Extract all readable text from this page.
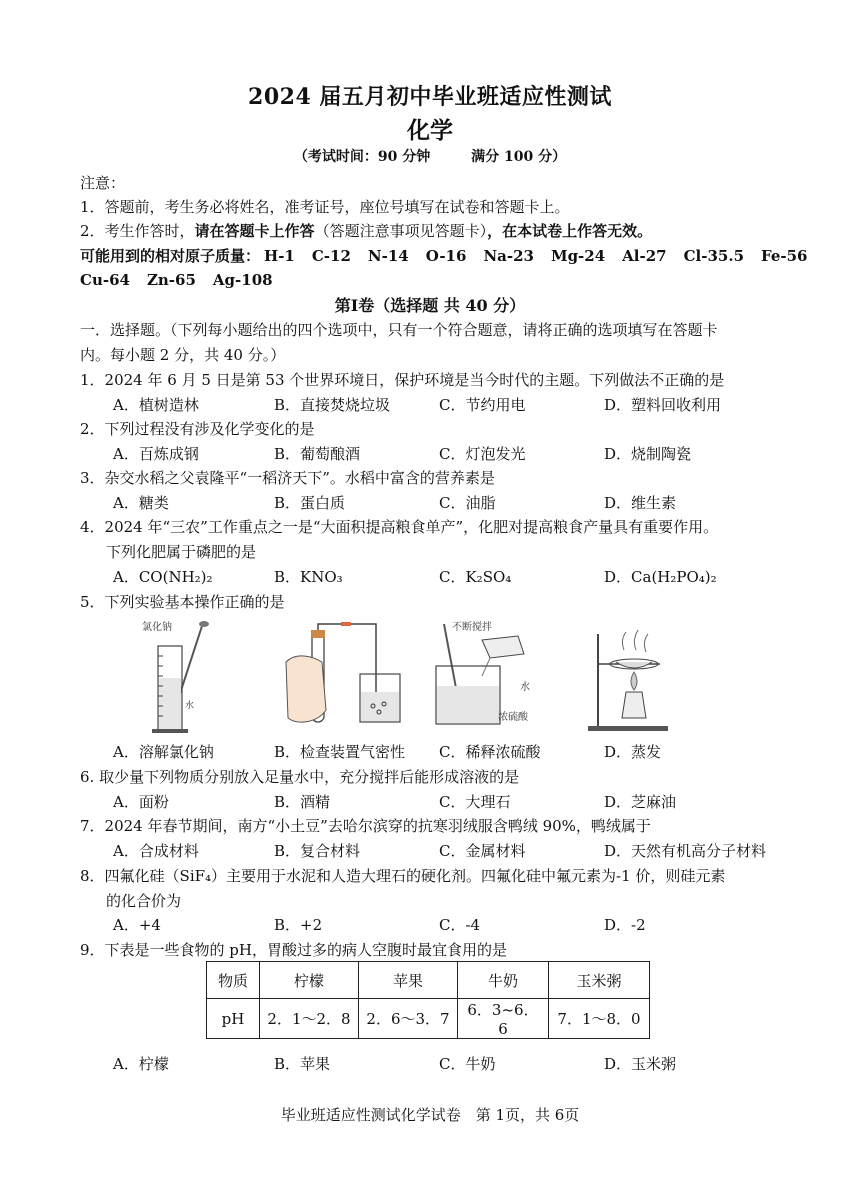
2024 届五月初中毕业班适应性测试
化学
（考试时间：90 分钟	满分 100 分）
注意：
1．答题前，考生务必将姓名，准考证号，座位号填写在试卷和答题卡上。
2．考生作答时，请在答题卡上作答（答题注意事项见答题卡），在本试卷上作答无效。
可能用到的相对原子质量： H-1 C-12 N-14 O-16 Na-23 Mg-24 Al-27 Cl-35.5 Fe-56
Cu-64 Zn-65 Ag-108
第Ⅰ卷（选择题 共 40 分）
一．选择题。（下列每小题给出的四个选项中，只有一个符合题意，请将正确的选项填写在答题卡
内。每小题 2 分，共 40 分。）
1．2024 年 6 月 5 日是第 53 个世界环境日，保护环境是当今时代的主题。下列做法不正确的是
A．植树造林	B．直接焚烧垃圾	C．节约用电	D．塑料回收利用
2．下列过程没有涉及化学变化的是
A．百炼成钢	B．葡萄酿酒	C．灯泡发光	D．烧制陶瓷
3．杂交水稻之父袁隆平“一稻济天下”。水稻中富含的营养素是
A．糖类	B．蛋白质	C．油脂	D．维生素
4．2024 年“三农”工作重点之一是“大面积提高粮食单产”，化肥对提高粮食产量具有重要作用。
下列化肥属于磷肥的是
A．CO(NH₂)₂	B．KNO₃	C．K₂SO₄	D．Ca(H₂PO₄)₂
5．下列实验基本操作正确的是
氯化钠
水
不断搅拌
水
浓硫酸
A．溶解氯化钠	B．检查装置气密性 C．稀释浓硫酸	D．蒸发
6. 取少量下列物质分别放入足量水中，充分搅拌后能形成溶液的是
A．面粉	B．酒精	C．大理石	D．芝麻油
7．2024 年春节期间，南方“小土豆”去哈尔滨穿的抗寒羽绒服含鸭绒 90%，鸭绒属于
A．合成材料	B．复合材料	C．金属材料	D．天然有机高分子材料
8．四氟化硅（SiF₄）主要用于水泥和人造大理石的硬化剂。四氟化硅中氟元素为-1 价，则硅元素
的化合价为
A．+4	B．+2	C．-4	D．-2
9．下表是一些食物的 pH，胃酸过多的病人空腹时最宜食用的是
物质	柠檬	苹果	牛奶	玉米粥
pH	2．1～2．8	2．6～3．7	6．3~6．6	7．1～8．0
A．柠檬	B．苹果	C．牛奶	D．玉米粥
毕业班适应性测试化学试卷　第 1页，共 6页
